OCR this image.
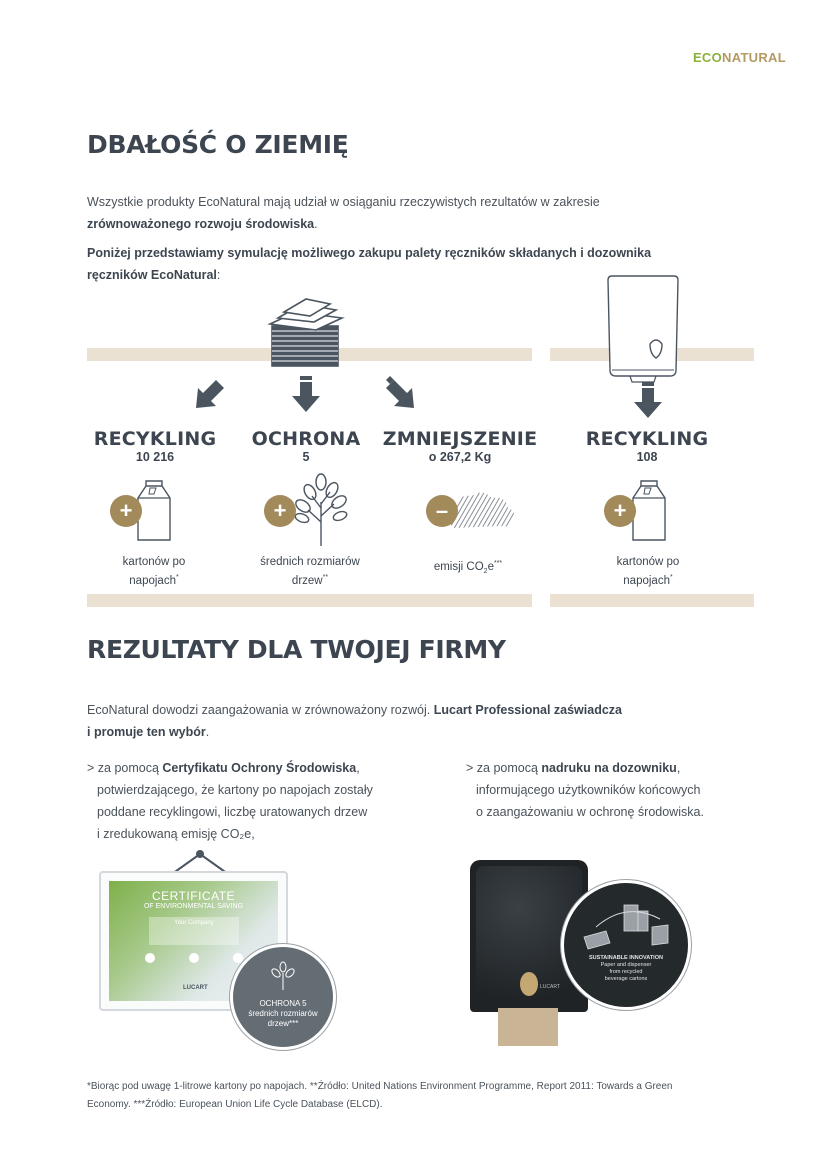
ECONATURAL
DBAŁOŚĆ O ZIEMIĘ
Wszystkie produkty EcoNatural mają udział w osiąganiu rzeczywistych rezultatów w zakresie
zrównoważonego rozwoju środowiska.
Poniżej przedstawiamy symulację możliwego zakupu palety ręczników składanych i dozownika
ręczników EcoNatural:
RECYKLING
10 216
OCHRONA
5
ZMNIEJSZENIE
o 267,2 Kg
RECYKLING
108
+
kartonów po
napojach*
+
średnich rozmiarów
drzew**
–
emisji $CO_2e^{***}$
+
kartonów po
napojach*
REZULTATY DLA TWOJEJ FIRMY
EcoNatural dowodzi zaangażowania w zrównoważony rozwój. Lucart Professional zaświadcza
i promuje ten wybór.
> za pomocą Certyfikatu Ochrony Środowiska,
potwierdzającego, że kartony po napojach zostały
poddane recyklingowi, liczbę uratowanych drzew
i zredukowaną emisję CO₂e,
> za pomocą nadruku na dozowniku,
informującego użytkowników końcowych
o zaangażowaniu w ochronę środowiska.
CERTIFICATE
OF ENVIRONMENTAL SAVING
Your Company
LUCART
OCHRONA 5
średnich rozmiarów
drzew***
LUCART
SUSTAINABLE INNOVATION
Paper and dispenser
from recycled
beverage cartons
*Biorąc pod uwagę 1-litrowe kartony po napojach. **Źródło: United Nations Environment Programme, Report 2011: Towards a Green
Economy. ***Źródło: European Union Life Cycle Database (ELCD).
